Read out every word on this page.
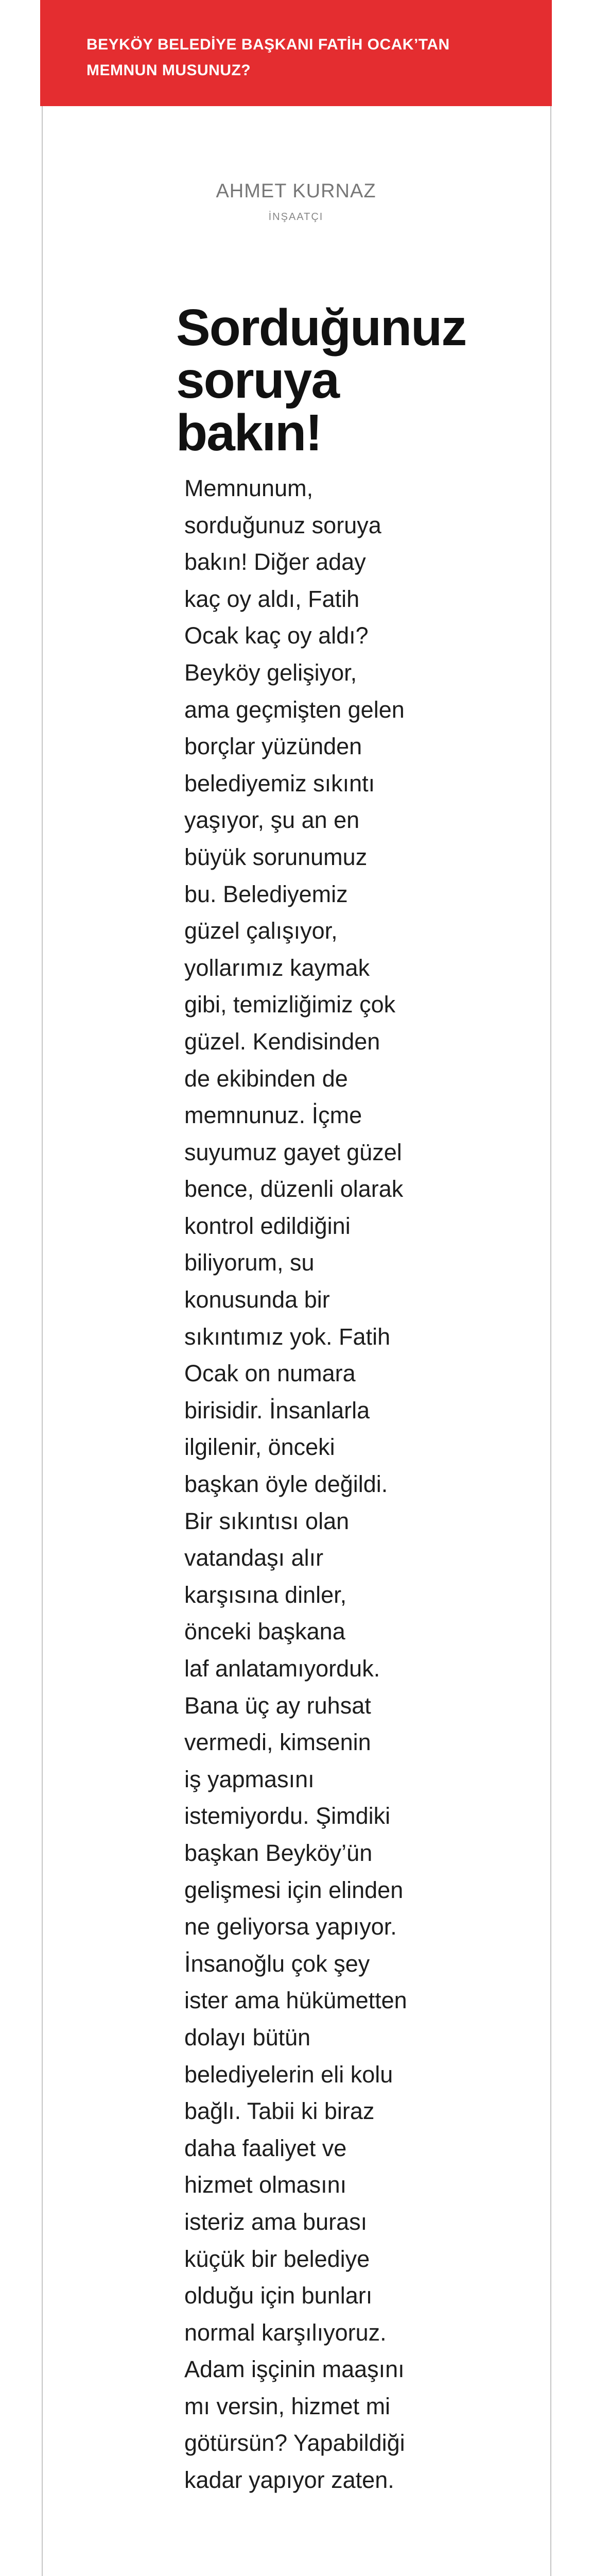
BEYKÖY BELEDİYE BAŞKANI FATİH OCAK’TAN
MEMNUN MUSUNUZ?
AHMET KURNAZ
İNŞAATÇI
Sorduğunuz
soruya
bakın!
Memnunum,
sorduğunuz soruya
bakın! Diğer aday
kaç oy aldı, Fatih
Ocak kaç oy aldı?
Beyköy gelişiyor,
ama geçmişten gelen
borçlar yüzünden
belediyemiz sıkıntı
yaşıyor, şu an en
büyük sorunumuz
bu. Belediyemiz
güzel çalışıyor,
yollarımız kaymak
gibi, temizliğimiz çok
güzel. Kendisinden
de ekibinden de
memnunuz. İçme
suyumuz gayet güzel
bence, düzenli olarak
kontrol edildiğini
biliyorum, su
konusunda bir
sıkıntımız yok. Fatih
Ocak on numara
birisidir. İnsanlarla
ilgilenir, önceki
başkan öyle değildi.
Bir sıkıntısı olan
vatandaşı alır
karşısına dinler,
önceki başkana
laf anlatamıyorduk.
Bana üç ay ruhsat
vermedi, kimsenin
iş yapmasını
istemiyordu. Şimdiki
başkan Beyköy’ün
gelişmesi için elinden
ne geliyorsa yapıyor.
İnsanoğlu çok şey
ister ama hükümetten
dolayı bütün
belediyelerin eli kolu
bağlı. Tabii ki biraz
daha faaliyet ve
hizmet olmasını
isteriz ama burası
küçük bir belediye
olduğu için bunları
normal karşılıyoruz.
Adam işçinin maaşını
mı versin, hizmet mi
götürsün? Yapabildiği
kadar yapıyor zaten.
